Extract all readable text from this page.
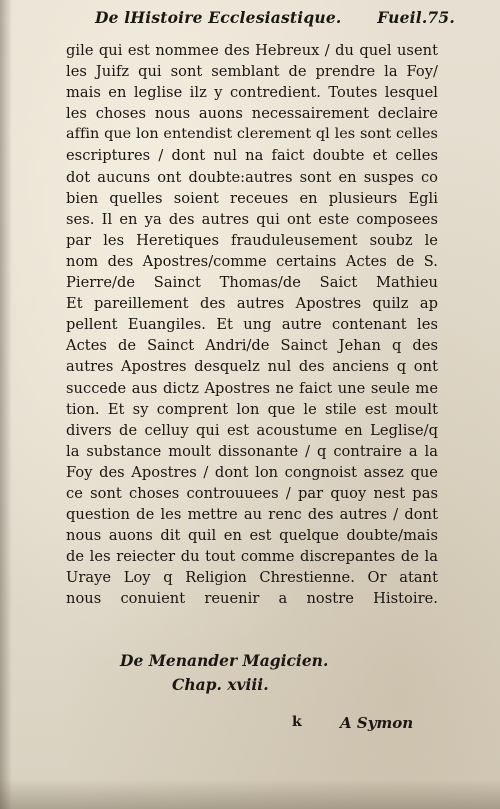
De lHistoire Ecclesiastique. Fueil.75.
gile qui est nommee des Hebreux / du quel usent
les Juifz qui sont semblant de prendre la Foy/
mais en leglise ilz y contredient. Toutes lesquel
les choses nous auons necessairement declaire
affin que lon entendist clerement ql les sont celles
escriptures / dont nul na faict doubte et celles
dot aucuns ont doubte:autres sont en suspes co
bien quelles soient receues en plusieurs Egli
ses. Il en ya des autres qui ont este composees
par les Heretiques frauduleusement soubz le
nom des Apostres/comme certains Actes de S.
Pierre/de Sainct Thomas/de Saict Mathieu
Et pareillement des autres Apostres quilz ap
pellent Euangiles. Et ung autre contenant les
Actes de Sainct Andri/de Sainct Jehan q des
autres Apostres desquelz nul des anciens q ont
succede aus dictz Apostres ne faict une seule me
tion. Et sy comprent lon que le stile est moult
divers de celluy qui est acoustume en Leglise/q
la substance moult dissonante / q contraire a la
Foy des Apostres / dont lon congnoist assez que
ce sont choses controuuees / par quoy nest pas
question de les mettre au renc des autres / dont
nous auons dit quil en est quelque doubte/mais
de les reiecter du tout comme discrepantes de la
Uraye Loy q Religion Chrestienne. Or atant
nous conuient reuenir a nostre Histoire.
De Menander Magicien.
Chap. xviii.
k	A Symon
